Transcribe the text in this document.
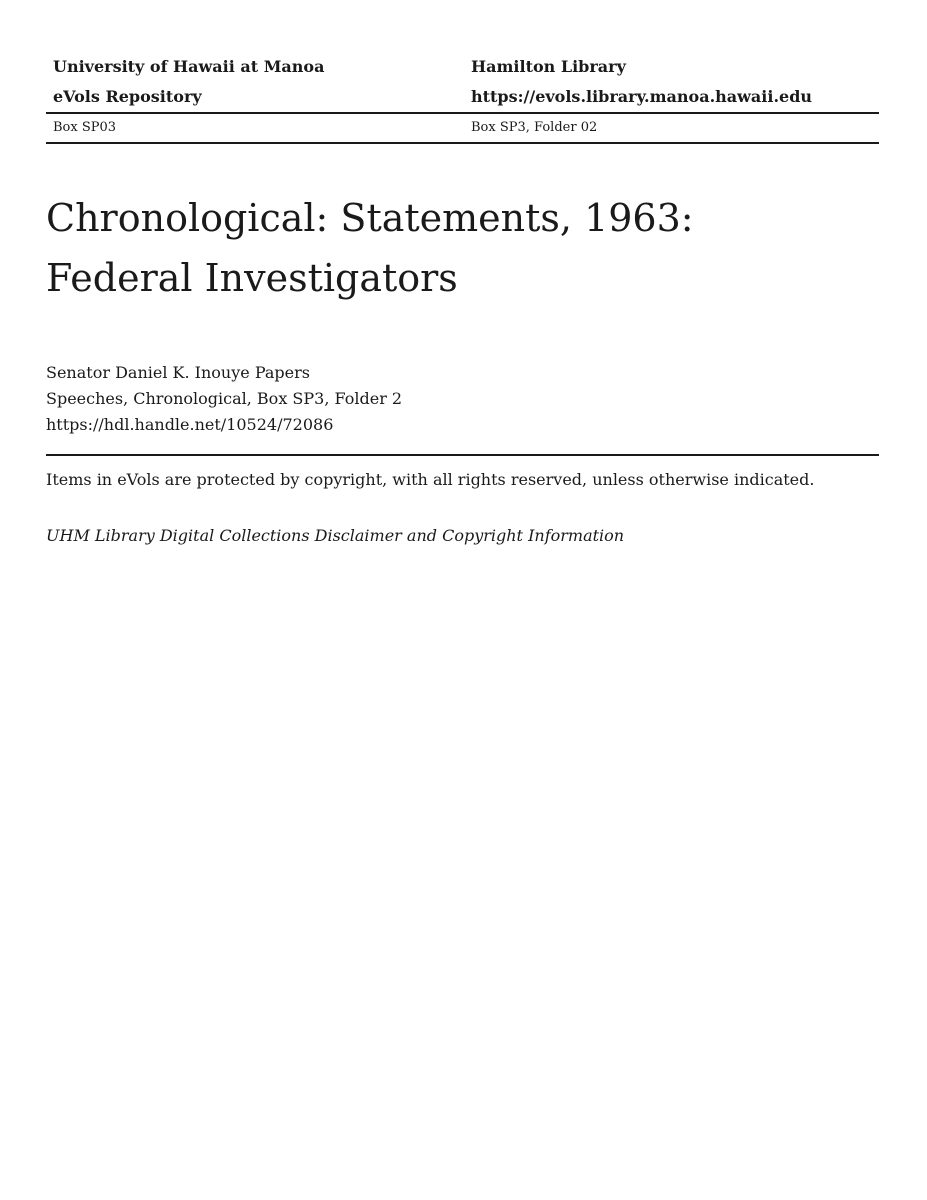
University of Hawaii at Manoa	Hamilton Library
eVols Repository	https://evols.library.manoa.hawaii.edu
Box SP03	Box SP3, Folder 02
Chronological: Statements, 1963:
Federal Investigators
Senator Daniel K. Inouye Papers
Speeches, Chronological, Box SP3, Folder 2
https://hdl.handle.net/10524/72086
Items in eVols are protected by copyright, with all rights reserved, unless otherwise indicated.
UHM Library Digital Collections Disclaimer and Copyright Information
